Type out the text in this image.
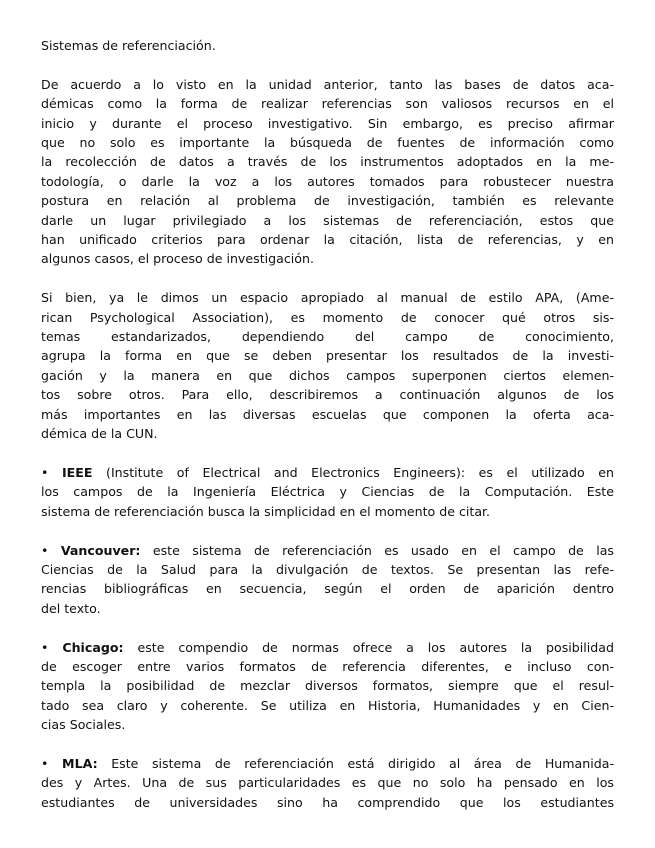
Sistemas de referenciación.

De acuerdo a lo visto en la unidad anterior, tanto las bases de datos aca-
démicas como la forma de realizar referencias son valiosos recursos en el
inicio y durante el proceso investigativo. Sin embargo, es preciso afirmar
que no solo es importante la búsqueda de fuentes de información como
la recolección de datos a través de los instrumentos adoptados en la me-
todología, o darle la voz a los autores tomados para robustecer nuestra
postura en relación al problema de investigación, también es relevante
darle un lugar privilegiado a los sistemas de referenciación, estos que
han unificado criterios para ordenar la citación, lista de referencias, y en
algunos casos, el proceso de investigación.

Si bien, ya le dimos un espacio apropiado al manual de estilo APA, (Ame-
rican Psychological Association), es momento de conocer qué otros sis-
temas estandarizados, dependiendo del campo de conocimiento,
agrupa la forma en que se deben presentar los resultados de la investi-
gación y la manera en que dichos campos superponen ciertos elemen-
tos sobre otros. Para ello, describiremos a continuación algunos de los
más importantes en las diversas escuelas que componen la oferta aca-
démica de la CUN.

• IEEE (Institute of Electrical and Electronics Engineers): es el utilizado en
los campos de la Ingeniería Eléctrica y Ciencias de la Computación. Este
sistema de referenciación busca la simplicidad en el momento de citar.

• Vancouver: este sistema de referenciación es usado en el campo de las
Ciencias de la Salud para la divulgación de textos. Se presentan las refe-
rencias bibliográficas en secuencia, según el orden de aparición dentro
del texto.

• Chicago: este compendio de normas ofrece a los autores la posibilidad
de escoger entre varios formatos de referencia diferentes, e incluso con-
templa la posibilidad de mezclar diversos formatos, siempre que el resul-
tado sea claro y coherente. Se utiliza en Historia, Humanidades y en Cien-
cias Sociales.

• MLA: Este sistema de referenciación está dirigido al área de Humanida-
des y Artes. Una de sus particularidades es que no solo ha pensado en los
estudiantes de universidades sino ha comprendido que los estudiantes
